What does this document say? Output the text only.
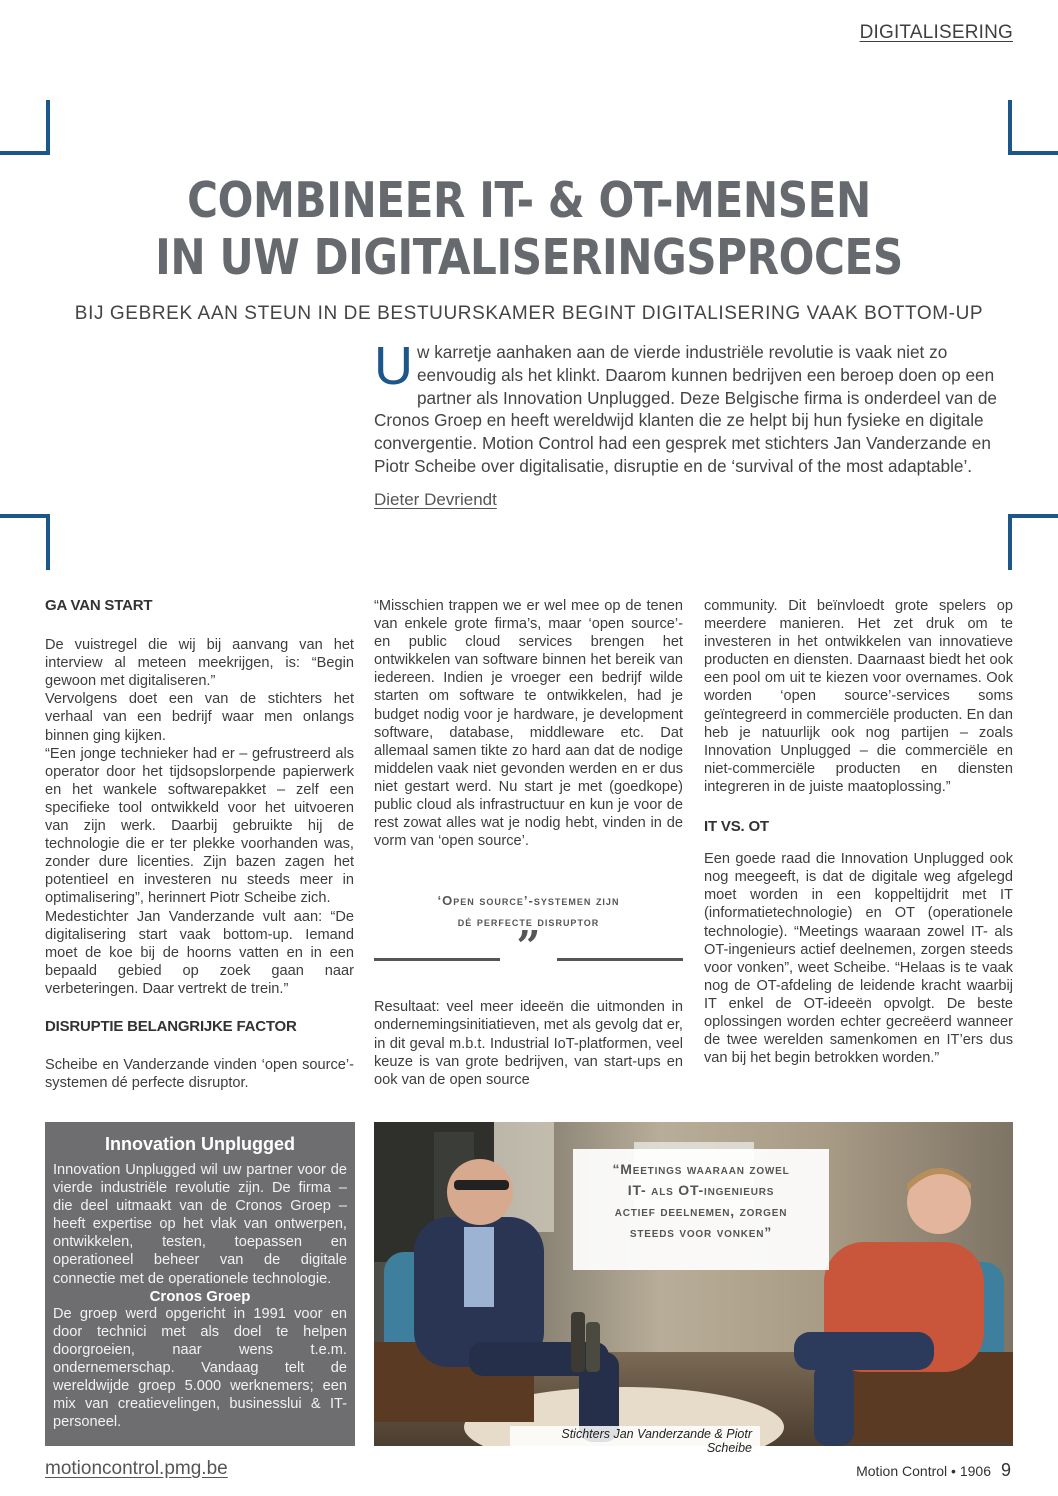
DIGITALISERING
COMBINEER IT- & OT-MENSEN
IN UW DIGITALISERINGSPROCES
BIJ GEBREK AAN STEUN IN DE BESTUURSKAMER BEGINT DIGITALISERING VAAK BOTTOM-UP
Uw karretje aanhaken aan de vierde industriële revolutie is vaak niet zo eenvoudig als het klinkt. Daarom kunnen bedrijven een beroep doen op een partner als Innovation Unplugged. Deze Belgische firma is onderdeel van de Cronos Groep en heeft wereldwijd klanten die ze helpt bij hun fysieke en digitale convergentie. Motion Control had een gesprek met stichters Jan Vanderzande en Piotr Scheibe over digitalisatie, disruptie en de ‘survival of the most adaptable’.
Dieter Devriendt
GA VAN START

De vuistregel die wij bij aanvang van het interview al meteen meekrijgen, is: “Begin gewoon met digitaliseren.”

Vervolgens doet een van de stichters het verhaal van een bedrijf waar men onlangs binnen ging kijken.

“Een jonge technieker had er – gefrustreerd als operator door het tijdsopslorpende papierwerk en het wankele softwarepakket – zelf een specifieke tool ontwikkeld voor het uitvoeren van zijn werk. Daarbij gebruikte hij de technologie die er ter plekke voorhanden was, zonder dure licenties. Zijn bazen zagen het potentieel en investeren nu steeds meer in optimalisering”, herinnert Piotr Scheibe zich.

Medestichter Jan Vanderzande vult aan: “De digitalisering start vaak bottom-up. Iemand moet de koe bij de hoorns vatten en in een bepaald gebied op zoek gaan naar verbeteringen. Daar vertrekt de trein.”

DISRUPTIE BELANGRIJKE FACTOR

Scheibe en Vanderzande vinden ‘open source’-systemen dé perfecte disruptor.

“Misschien trappen we er wel mee op de tenen van enkele grote firma’s, maar ‘open source’- en public cloud services brengen het ontwikkelen van software binnen het bereik van iedereen. Indien je vroeger een bedrijf wilde starten om software te ontwikkelen, had je budget nodig voor je hardware, je development software, database, middleware etc. Dat allemaal samen tikte zo hard aan dat de nodige middelen vaak niet gevonden werden en er dus niet gestart werd. Nu start je met (goedkope) public cloud als infrastructuur en kun je voor de rest zowat alles wat je nodig hebt, vinden in de vorm van ‘open source’.

‘Open source’-systemen zijn
dé perfecte disruptor
”

Resultaat: veel meer ideeën die uitmonden in ondernemingsinitiatieven, met als gevolg dat er, in dit geval m.b.t. Industrial IoT-platformen, veel keuze is van grote bedrijven, van start-ups en ook van de open source

community. Dit beïnvloedt grote spelers op meerdere manieren. Het zet druk om te investeren in het ontwikkelen van innovatieve producten en diensten. Daarnaast biedt het ook een pool om uit te kiezen voor overnames. Ook worden ‘open source’-services soms geïntegreerd in commerciële producten. En dan heb je natuurlijk ook nog partijen – zoals Innovation Unplugged – die commerciële en niet-commerciële producten en diensten integreren in de juiste maatoplossing.”

IT VS. OT

Een goede raad die Innovation Unplugged ook nog meegeeft, is dat de digitale weg afgelegd moet worden in een koppeltijdrit met IT (informatietechnologie) en OT (operationele technologie). “Meetings waaraan zowel IT- als OT-ingenieurs actief deelnemen, zorgen steeds voor vonken”, weet Scheibe. “Helaas is te vaak nog de OT-afdeling de leidende kracht waarbij IT enkel de OT-ideeën opvolgt. De beste oplossingen worden echter gecreëerd wanneer de twee werelden samenkomen en IT’ers dus van bij het begin betrokken worden.”

Innovation Unplugged

Innovation Unplugged wil uw partner voor de vierde industriële revolutie zijn. De firma – die deel uitmaakt van de Cronos Groep – heeft expertise op het vlak van ontwerpen, ontwikkelen, testen, toepassen en operationeel beheer van de digitale connectie met de operationele technologie.

Cronos Groep

De groep werd opgericht in 1991 voor en door technici met als doel te helpen doorgroeien, naar wens t.e.m. ondernemerschap. Vandaag telt de wereldwijde groep 5.000 werknemers; een mix van creatievelingen, businesslui & IT-personeel.

“Meetings waaraan zowel
IT- als OT-ingenieurs
actief deelnemen, zorgen
steeds voor vonken”
Stichters Jan Vanderzande & Piotr Scheibe
motioncontrol.pmg.be	Motion Control • 1906 9
